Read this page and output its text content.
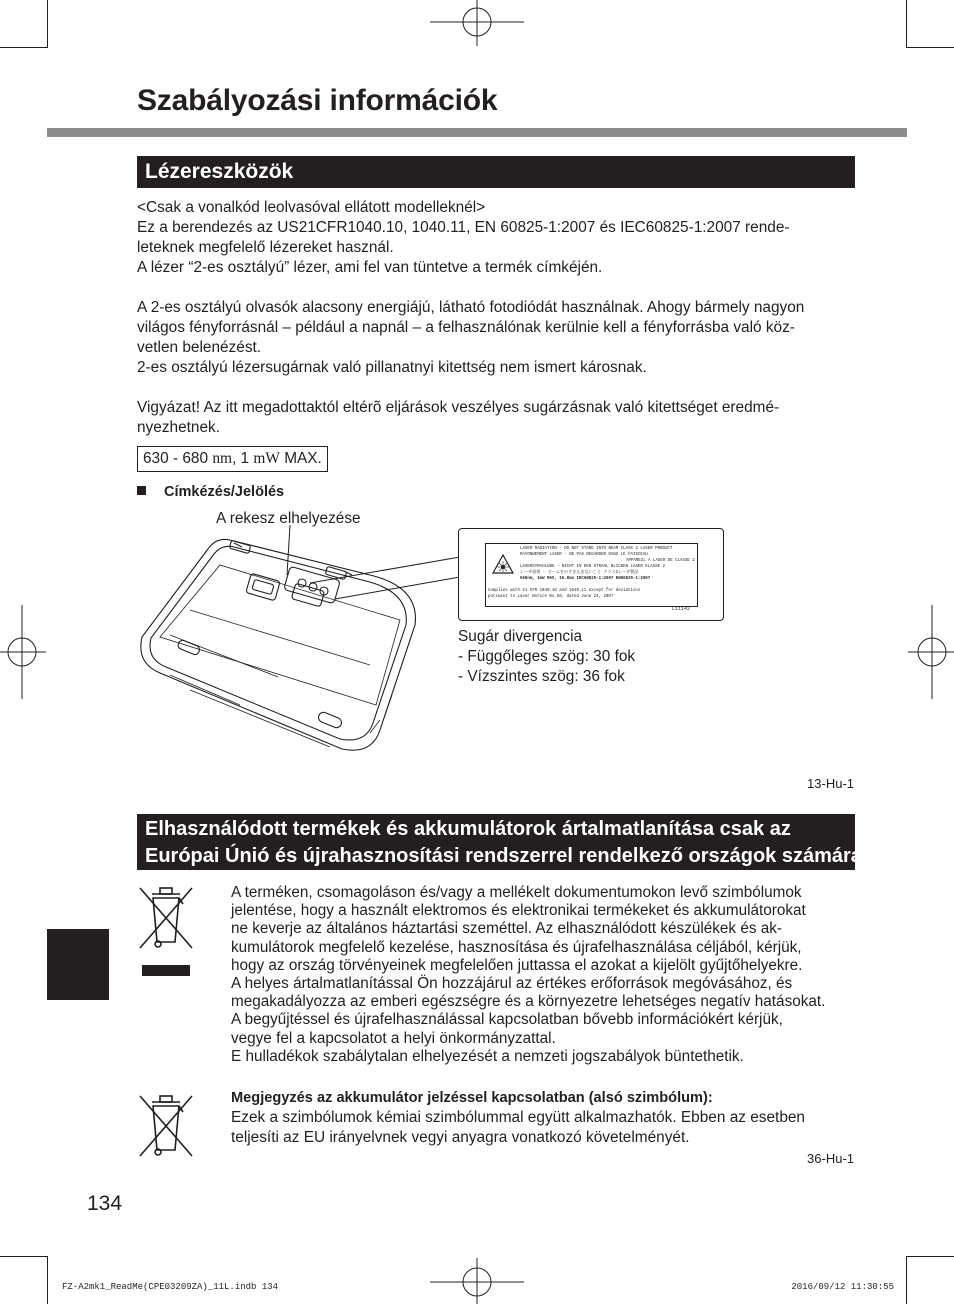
Szabályozási információk
Lézereszközök
<Csak a vonalkód leolvasóval ellátott modelleknél>
Ez a berendezés az US21CFR1040.10, 1040.11, EN 60825-1:2007 és IEC60825-1:2007 rende-
leteknek megfelelő lézereket használ.
A lézer “2-es osztályú” lézer, ami fel van tüntetve a termék címkéjén.
A 2-es osztályú olvasók alacsony energiájú, látható fotodiódát használnak. Ahogy bármely nagyon
világos fényforrásnál – például a napnál – a felhasználónak kerülnie kell a fényforrásba való köz-
vetlen belenézést.
2-es osztályú lézersugárnak való pillanatnyi kitettség nem ismert károsnak.
Vigyázat! Az itt megadottaktól eltérõ eljárások veszélyes sugárzásnak való kitettséget eredmé-
nyezhetnek.
630 - 680 nm, 1 mW MAX.
Címkézés/Jelölés
A rekesz elhelyezése
LASER RADIATION - DO NOT STARE INTO BEAM CLASS 2 LASER PRODUCT
RAYONNEMENT LASER - NE PAS REGARDER DANS LE FAISCEAU
APPAREIL A LASER DE CLASSE 2
LASERSTRAHLUNG - NICHT IN DEN STRAHL BLICKEN LASER KLASSE 2
レーザ放射 - ビームをのぞき込まないこと クラス2レーザ製品
650nm, 1mW MAX, 16.8ms IEC60825-1:2007 EN60825-1:2007
Complies with 21 CFR 1040.10 and 1040.11 except for deviations
pursuant to Laser Notice No.50, dated June 24, 2007
L11142
Sugár divergencia
- Függőleges szög: 30 fok
- Vízszintes szög: 36 fok
13-Hu-1
Elhasználódott termékek és akkumulátorok ártalmatlanítása csak az
Európai Únió és újrahasznosítási rendszerrel rendelkező országok számára.
A terméken, csomagoláson és/vagy a mellékelt dokumentumokon levő szimbólumok
jelentése, hogy a használt elektromos és elektronikai termékeket és akkumulátorokat
ne keverje az általános háztartási szeméttel. Az elhasználódott készülékek és ak-
kumulátorok megfelelő kezelése, hasznosítása és újrafelhasználása céljából, kérjük,
hogy az ország törvényeinek megfelelően juttassa el azokat a kijelölt gyűjtőhelyekre.
A helyes ártalmatlanítással Ön hozzájárul az értékes erőforrások megóvásához, és
megakadályozza az emberi egészségre és a környezetre lehetséges negatív hatásokat.
A begyűjtéssel és újrafelhasználással kapcsolatban bővebb információkért kérjük,
vegye fel a kapcsolatot a helyi önkormányzattal.
E hulladékok szabálytalan elhelyezését a nemzeti jogszabályok büntethetik.
Megjegyzés az akkumulátor jelzéssel kapcsolatban (alsó szimbólum):
Ezek a szimbólumok kémiai szimbólummal együtt alkalmazhatók. Ebben az esetben
teljesíti az EU irányelvnek vegyi anyagra vonatkozó követelményét.
36-Hu-1
134
FZ-A2mk1_ReadMe(CPE03209ZA)_11L.indb 134	2016/09/12 11:30:55
